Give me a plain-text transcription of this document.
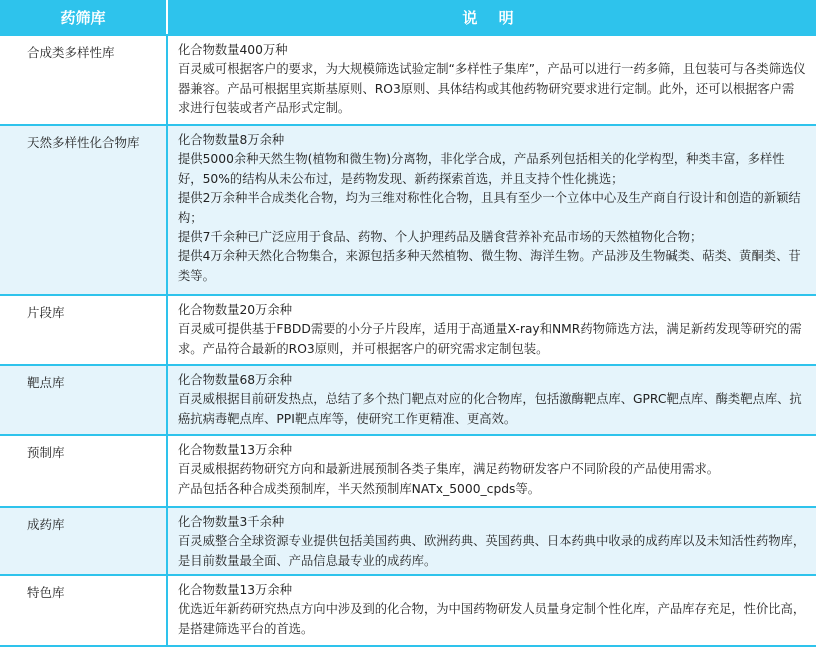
药筛库	说 明
合成类多样性库	化合物数量400万种

百灵威可根据客户的要求，为大规模筛选试验定制“多样性子集库”，产品可以进行一药多筛，且包装可与各类筛选仪器兼容。产品可根据里宾斯基原则、RO3原则、具体结构或其他药物研究要求进行定制。此外，还可以根据客户需求进行包装或者产品形式定制。

天然多样性化合物库	化合物数量8万余种

提供5000余种天然生物(植物和微生物)分离物，非化学合成，产品系列包括相关的化学构型，种类丰富，多样性好，50%的结构从未公布过，是药物发现、新药探索首选，并且支持个性化挑选；

提供2万余种半合成类化合物，均为三维对称性化合物，且具有至少一个立体中心及生产商自行设计和创造的新颖结构；

提供7千余种已广泛应用于食品、药物、个人护理药品及膳食营养补充品市场的天然植物化合物；

提供4万余种天然化合物集合，来源包括多种天然植物、微生物、海洋生物。产品涉及生物碱类、萜类、黄酮类、苷类等。

片段库	化合物数量20万余种

百灵威可提供基于FBDD需要的小分子片段库，适用于高通量X-ray和NMR药物筛选方法，满足新药发现等研究的需求。产品符合最新的RO3原则，并可根据客户的研究需求定制包装。

靶点库	化合物数量68万余种

百灵威根据目前研发热点，总结了多个热门靶点对应的化合物库，包括激酶靶点库、GPRC靶点库、酶类靶点库、抗癌抗病毒靶点库、PPI靶点库等，使研究工作更精准、更高效。

预制库	化合物数量13万余种

百灵威根据药物研究方向和最新进展预制各类子集库，满足药物研发客户不同阶段的产品使用需求。

产品包括各种合成类预制库，半天然预制库NATx_5000_cpds等。

成药库	化合物数量3千余种

百灵威整合全球资源专业提供包括美国药典、欧洲药典、英国药典、日本药典中收录的成药库以及未知活性药物库，是目前数量最全面、产品信息最专业的成药库。

特色库	化合物数量13万余种

优选近年新药研究热点方向中涉及到的化合物，为中国药物研发人员量身定制个性化库，产品库存充足，性价比高，是搭建筛选平台的首选。
